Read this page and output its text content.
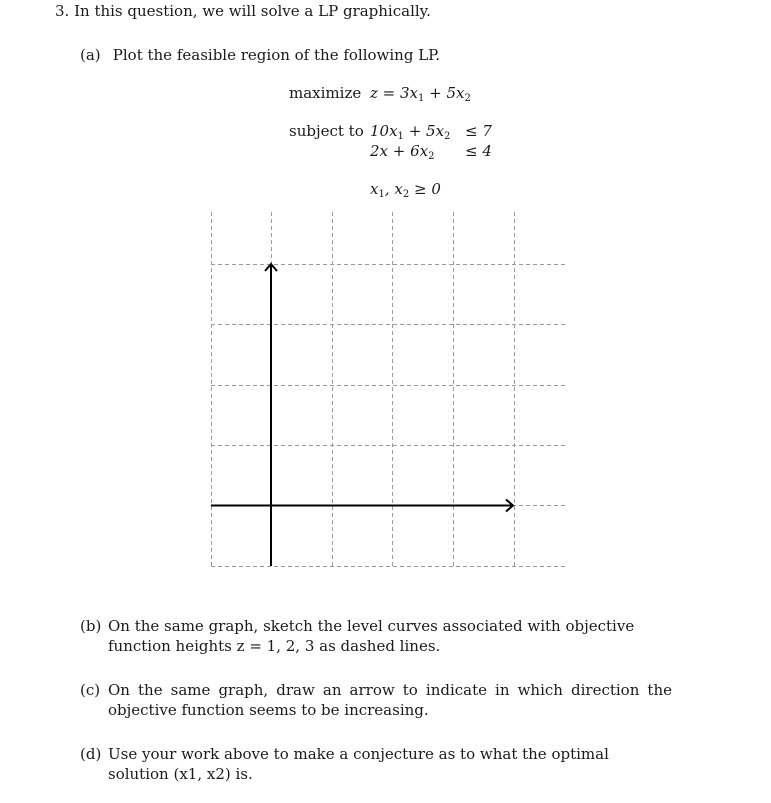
3. In this question, we will solve a LP graphically.
(a) Plot the feasible region of the following LP.
maximize $z = 3x_1 + 5x_2$
subject to $10x_1 + 5x_2 \le 7$
$2x + 6x_2 \le 4$
$x_1$, $x_2 \ge 0$
(b) On the same graph, sketch the level curves associated with objective function heights z = 1, 2, 3 as dashed lines.
(c) On the same graph, draw an arrow to indicate in which direction the objective function seems to be increasing.
(d) Use your work above to make a conjecture as to what the optimal solution (x1, x2) is.
